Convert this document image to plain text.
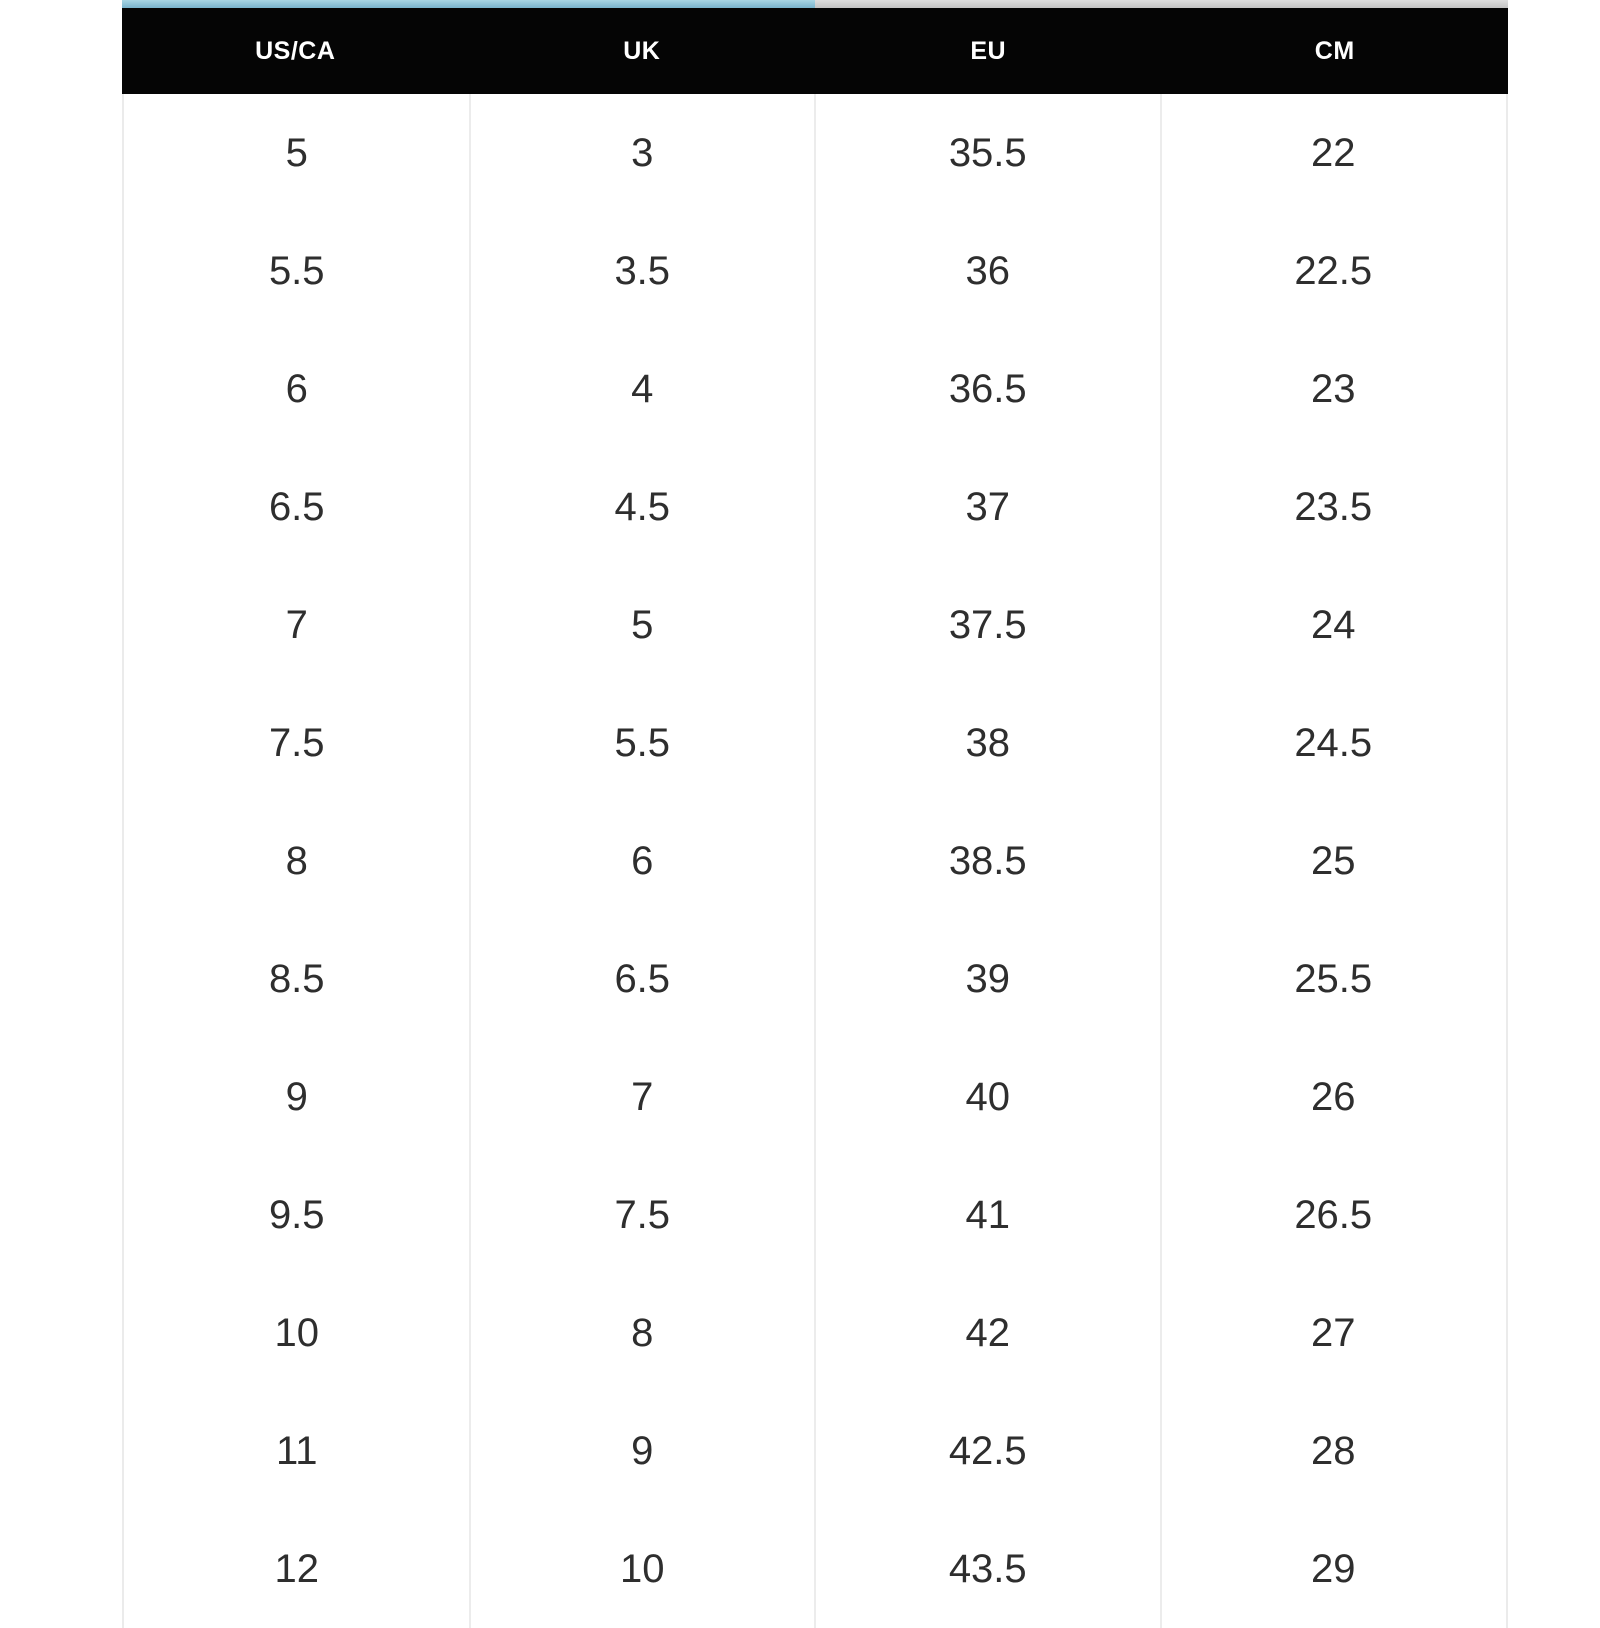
US/CA	UK	EU	CM
5	3	35.5	22
5.5	3.5	36	22.5
6	4	36.5	23
6.5	4.5	37	23.5
7	5	37.5	24
7.5	5.5	38	24.5
8	6	38.5	25
8.5	6.5	39	25.5
9	7	40	26
9.5	7.5	41	26.5
10	8	42	27
11	9	42.5	28
12	10	43.5	29
